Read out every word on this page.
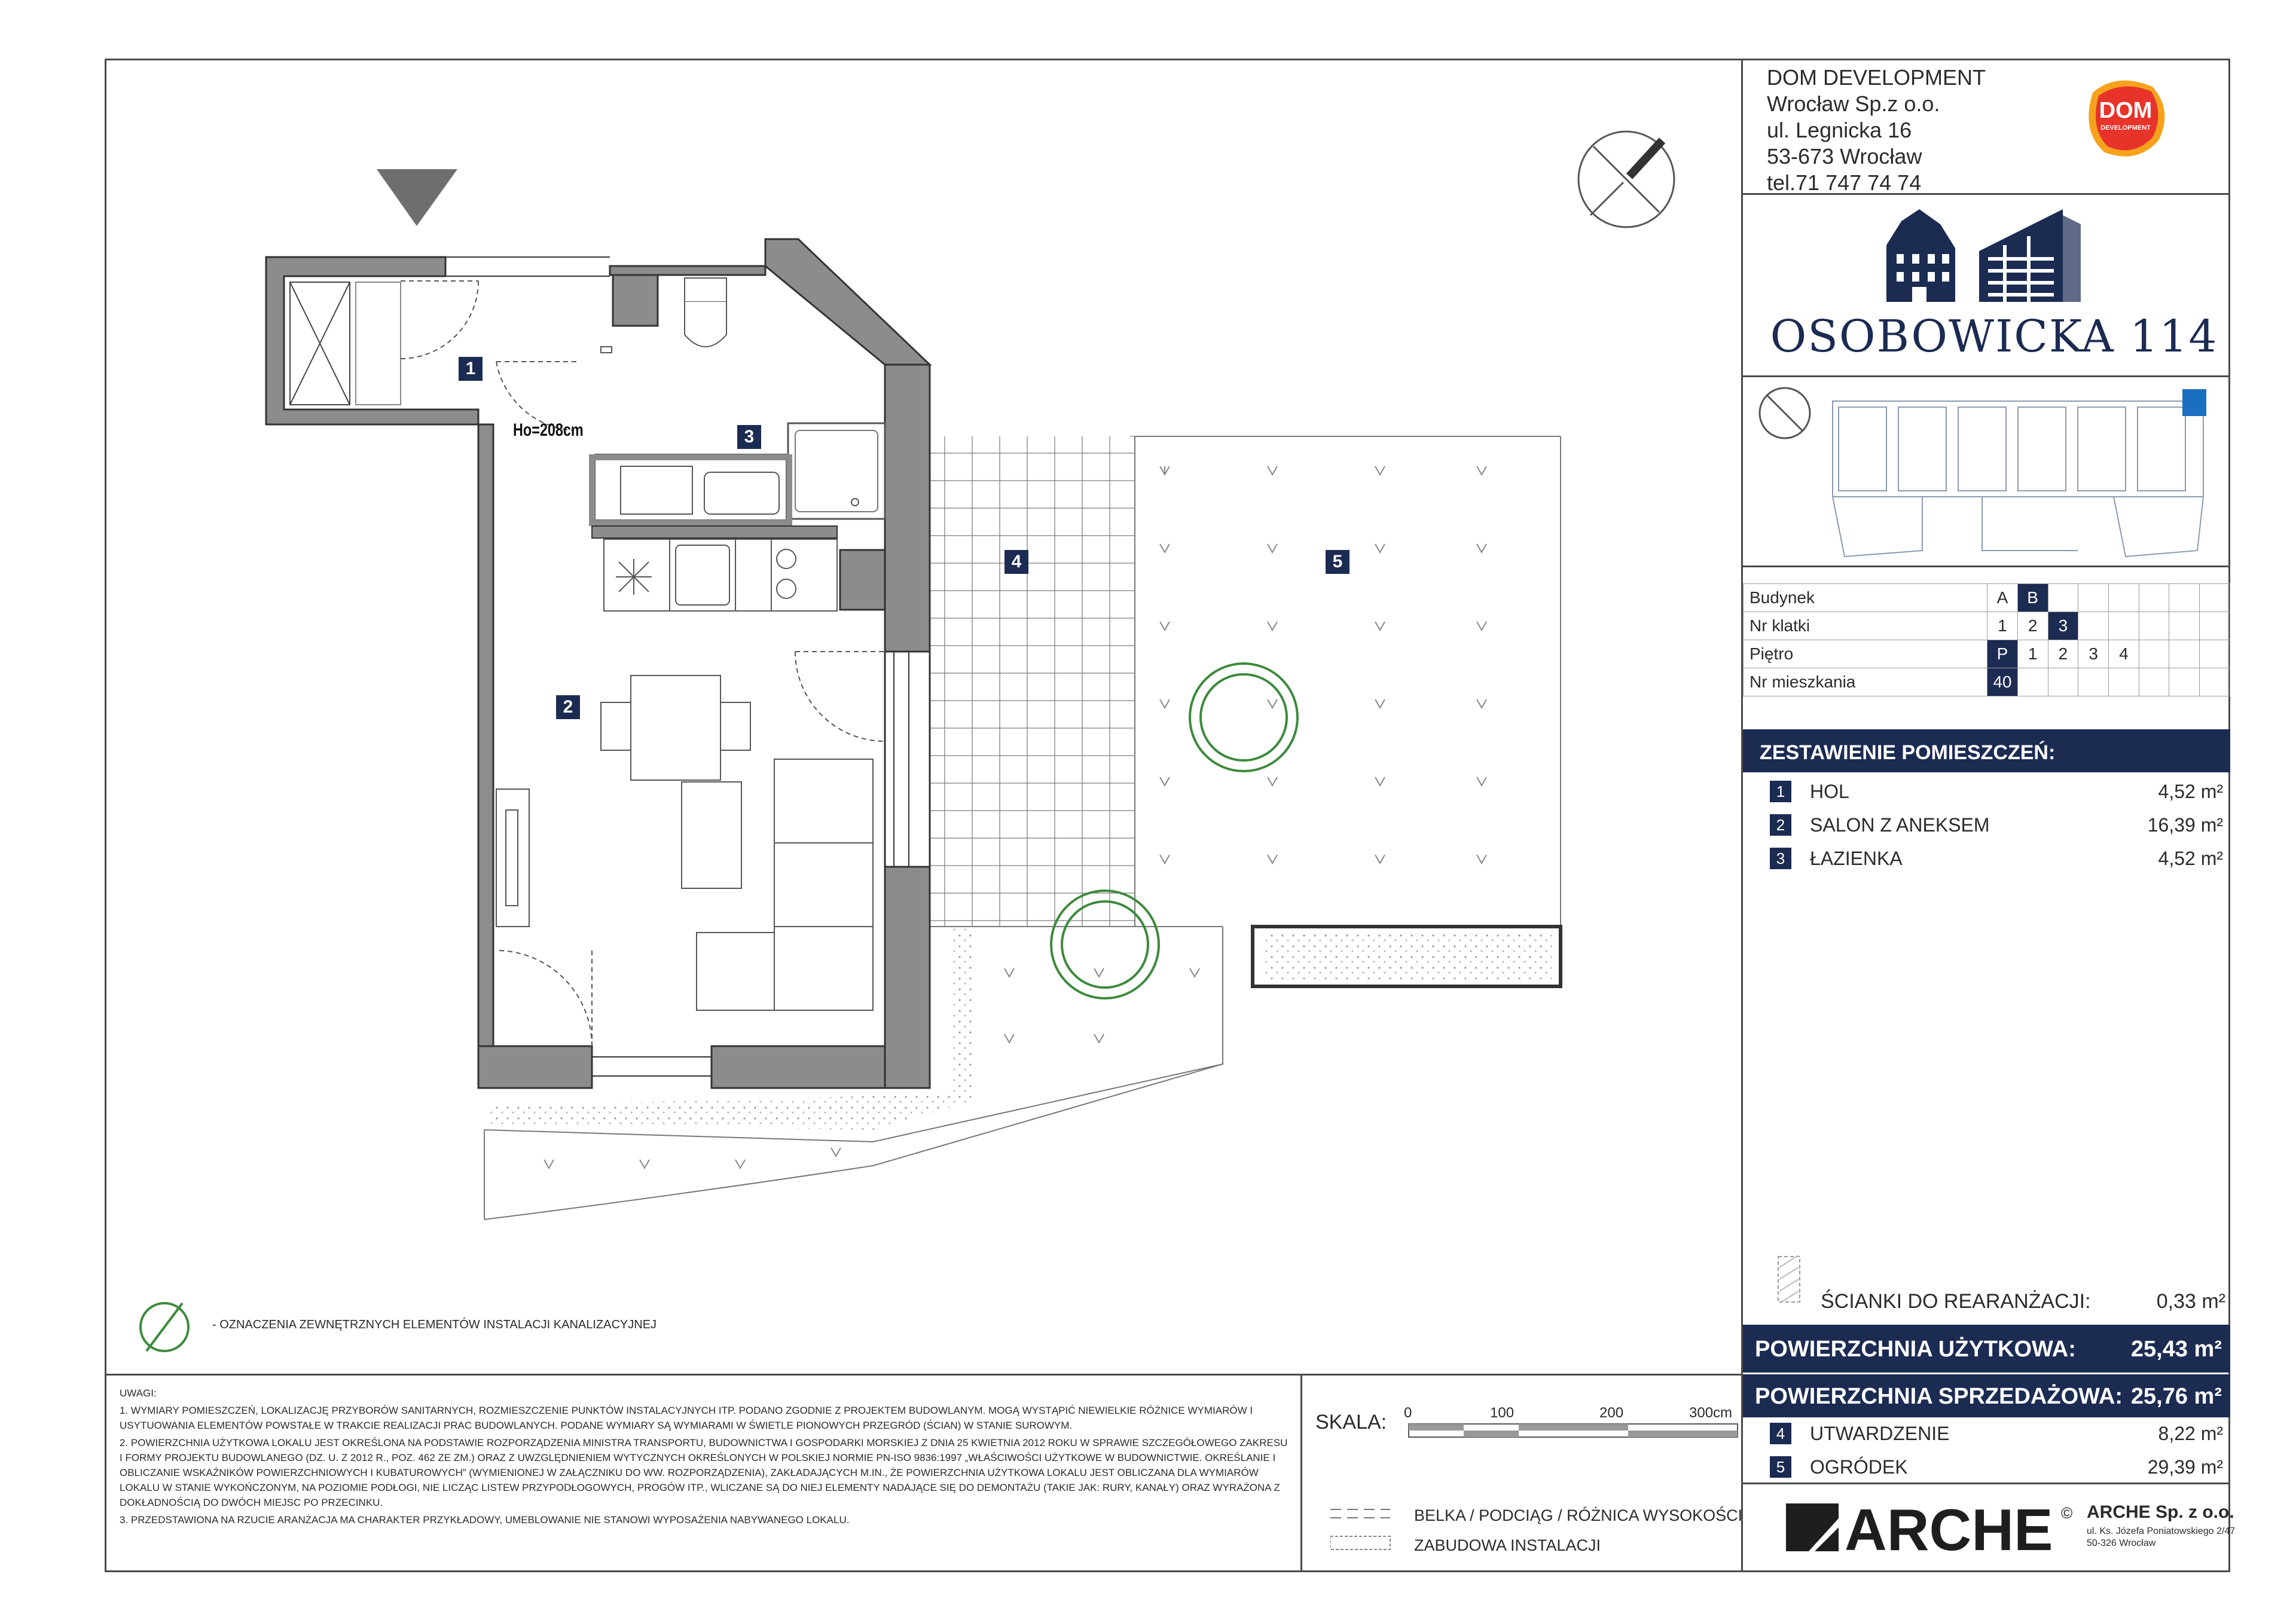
DOM DEVELOPMENT
Wrocław Sp.z o.o.
ul. Legnicka 16
53-673 Wrocław
tel.71 747 74 74
DOM
DEVELOPMENT
OSOBOWICKA 114
Budynek	A	B						
Nr klatki	1	2	3					
Piętro	P	1	2	3	4			
Nr mieszkania	40							
ZESTAWIENIE POMIESZCZEŃ:
1	HOL	4,52 m²
2	SALON Z ANEKSEM	16,39 m²
3	ŁAZIENKA	4,52 m²
ŚCIANKI DO REARANŻACJI:	0,33 m²
POWIERZCHNIA UŻYTKOWA: 25,43 m²
POWIERZCHNIA SPRZEDAŻOWA: 25,76 m²
4	UTWARDZENIE	8,22 m²
5	OGRÓDEK	29,39 m²
ARCHE © ARCHE Sp. z o.o.
ul. Ks. Józefa Poniatowskiego 2/47
50-326 Wrocław

UWAGI:

1. WYMIARY POMIESZCZEŃ, LOKALIZACJĘ PRZYBORÓW SANITARNYCH, ROZMIESZCZENIE PUNKTÓW INSTALACYJNYCH ITP. PODANO ZGODNIE Z PROJEKTEM BUDOWLANYM. MOGĄ WYSTĄPIĆ NIEWIELKIE RÓŻNICE WYMIARÓW I USYTUOWANIA ELEMENTÓW POWSTAŁE W TRAKCIE REALIZACJI PRAC BUDOWLANYCH. PODANE WYMIARY SĄ WYMIARAMI W ŚWIETLE PIONOWYCH PRZEGRÓD (ŚCIAN) W STANIE SUROWYM.

2. POWIERZCHNIA UŻYTKOWA LOKALU JEST OKREŚLONA NA PODSTAWIE ROZPORZĄDZENIA MINISTRA TRANSPORTU, BUDOWNICTWA I GOSPODARKI MORSKIEJ Z DNIA 25 KWIETNIA 2012 ROKU W SPRAWIE SZCZEGÓŁOWEGO ZAKRESU I FORMY PROJEKTU BUDOWLANEGO (DZ. U. Z 2012 R., POZ. 462 ZE ZM.) ORAZ Z UWZGLĘDNIENIEM WYTYCZNYCH OKREŚLONYCH W POLSKIEJ NORMIE PN-ISO 9836:1997 „WŁAŚCIWOŚCI UŻYTKOWE W BUDOWNICTWIE. OKREŚLANIE I OBLICZANIE WSKAŹNIKÓW POWIERZCHNIOWYCH I KUBATUROWYCH” (WYMIENIONEJ W ZAŁĄCZNIKU DO WW. ROZPORZĄDZENIA), ZAKŁADAJĄCYCH M.IN., ŻE POWIERZCHNIA UŻYTKOWA LOKALU JEST OBLICZANA DLA WYMIARÓW LOKALU W STANIE WYKOŃCZONYM, NA POZIOMIE PODŁOGI, NIE LICZĄC LISTEW PRZYPODŁOGOWYCH, PROGÓW ITP., WLICZANE SĄ DO NIEJ ELEMENTY NADAJĄCE SIĘ DO DEMONTAŻU (TAKIE JAK: RURY, KANAŁY) ORAZ WYRAŻONA Z DOKŁADNOŚCIĄ DO DWÓCH MIEJSC PO PRZECINKU.

3. PRZEDSTAWIONA NA RZUCIE ARANŻACJA MA CHARAKTER PRZYKŁADOWY, UMEBLOWANIE NIE STANOWI WYPOSAŻENIA NABYWANEGO LOKALU.

SKALA: 0	100	200	300cm
BELKA / PODCIĄG / RÓŻNICA WYSOKOŚCI
ZABUDOWA INSTALACJI
- OZNACZENIA ZEWNĘTRZNYCH ELEMENTÓW INSTALACJI KANALIZACYJNEJ
1
2
3
4	5
Ho=208cm
